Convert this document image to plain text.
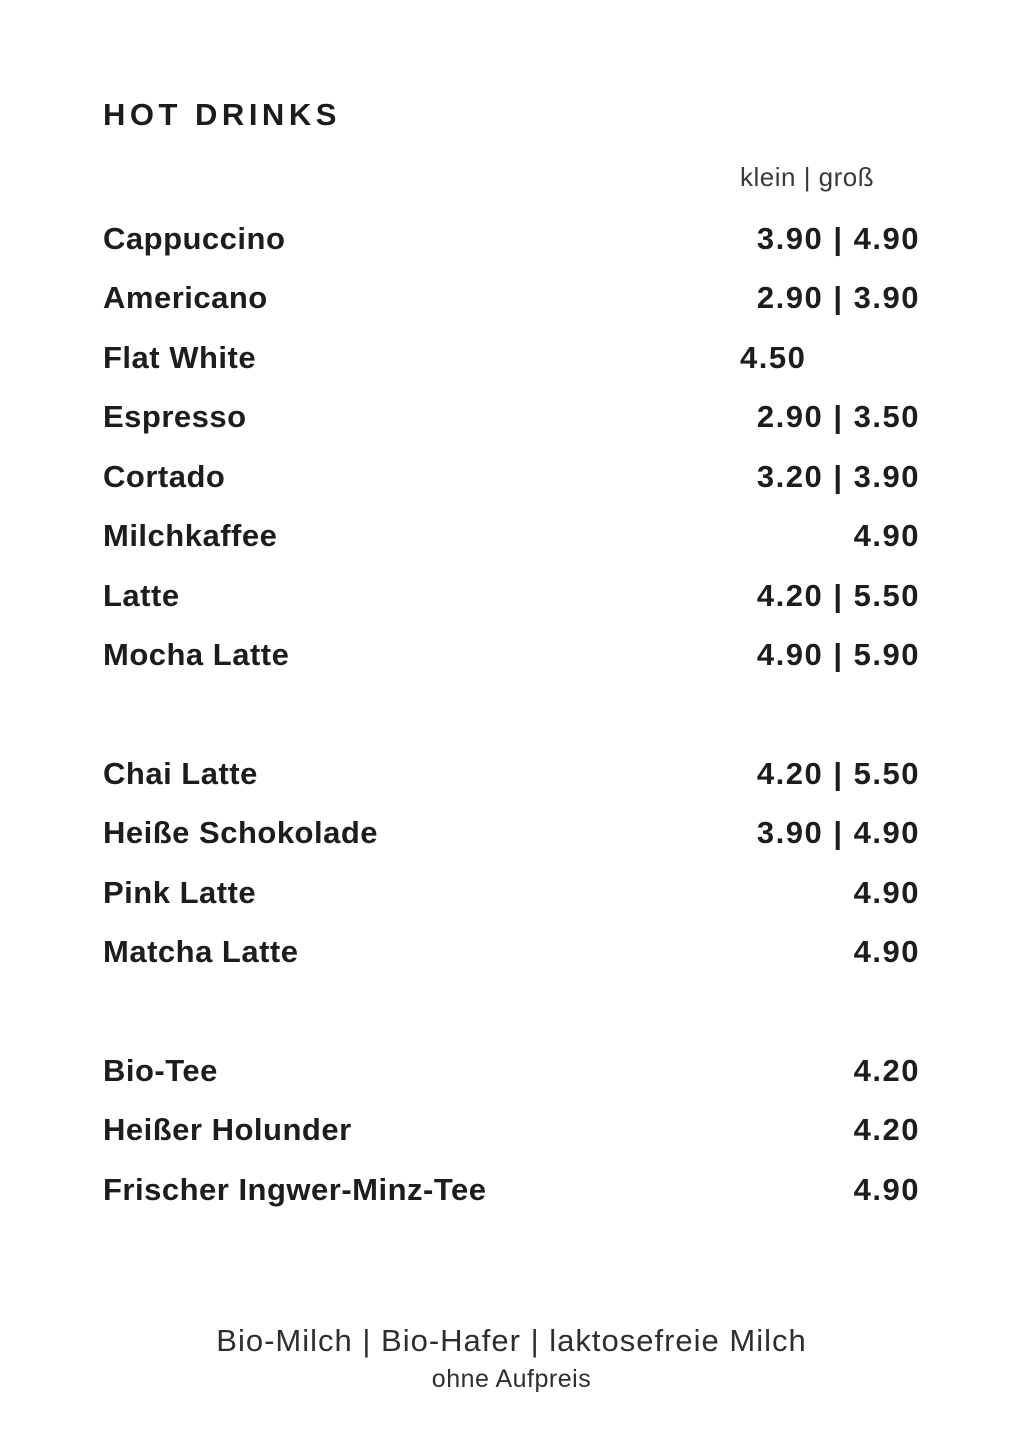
HOT DRINKS
klein | groß
Cappuccino	3.90 | 4.90
Americano	2.90 | 3.90
Flat White	4.50
Espresso	2.90 | 3.50
Cortado	3.20 | 3.90
Milchkaffee	4.90
Latte	4.20 | 5.50
Mocha Latte	4.90 | 5.90
Chai Latte	4.20 | 5.50
Heiße Schokolade	3.90 | 4.90
Pink Latte	4.90
Matcha Latte	4.90
Bio-Tee	4.20
Heißer Holunder	4.20
Frischer Ingwer-Minz-Tee	4.90
Bio-Milch | Bio-Hafer | laktosefreie Milch
ohne Aufpreis
